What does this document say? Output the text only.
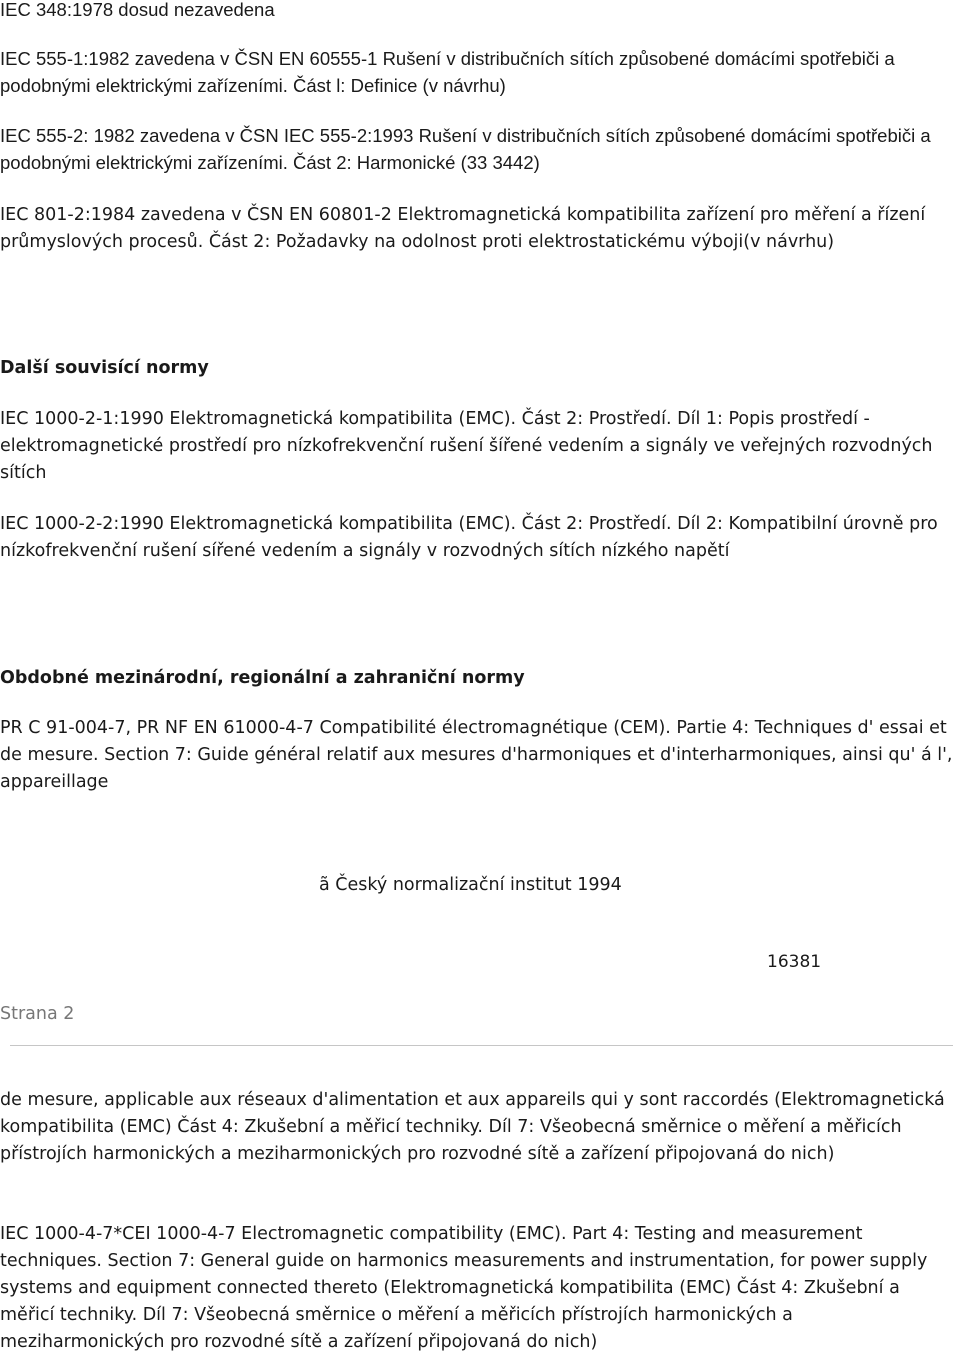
IEC 348:1978 dosud nezavedena

IEC 555-1:1982 zavedena v ČSN EN 60555-1 Rušení v distribučních sítích způsobené domácími spotřebiči a podobnými elektrickými zařízeními. Část l: Definice (v návrhu)

IEC 555-2: 1982 zavedena v ČSN IEC 555-2:1993 Rušení v distribučních sítích způsobené domácími spotřebiči a podobnými elektrickými zařízeními. Část 2: Harmonické (33 3442)

IEC 801-2:1984 zavedena v ČSN EN 60801-2 Elektromagnetická kompatibilita zařízení pro měření a řízení průmyslových procesů. Část 2: Požadavky na odolnost proti elektrostatickému výboji(v návrhu)

Další souvisící normy

IEC 1000-2-1:1990 Elektromagnetická kompatibilita (EMC). Část 2: Prostředí. Díl 1: Popis prostředí - elektromagnetické prostředí pro nízkofrekvenční rušení šířené vedením a signály ve veřejných rozvodných sítích

IEC 1000-2-2:1990 Elektromagnetická kompatibilita (EMC). Část 2: Prostředí. Díl 2: Kompatibilní úrovně pro nízkofrekvenční rušení sířené vedením a signály v rozvodných sítích nízkého napětí

Obdobné mezinárodní, regionální a zahraniční normy

PR C 91-004-7, PR NF EN 61000-4-7 Compatibilité électromagnétique (CEM). Partie 4: Techniques d' essai et de mesure. Section 7: Guide général relatif aux mesures d'harmoniques et d'interharmoniques, ainsi qu' á l', appareillage

ã Český normalizační institut 1994
16381
Strana 2

de mesure, applicable aux réseaux d'alimentation et aux appareils qui y sont raccordés (Elektromagnetická kompatibilita (EMC) Část 4: Zkušební a měřicí techniky. Díl 7: Všeobecná směrnice o měření a měřicích přístrojích harmonických a meziharmonických pro rozvodné sítě a zařízení připojovaná do nich)

IEC 1000-4-7*CEI 1000-4-7 Electromagnetic compatibility (EMC). Part 4: Testing and measurement techniques. Section 7: General guide on harmonics measurements and instrumentation, for power supply systems and equipment connected thereto (Elektromagnetická kompatibilita (EMC) Část 4: Zkušební a měřicí techniky. Díl 7: Všeobecná směrnice o měření a měřicích přístrojích harmonických a meziharmonických pro rozvodné sítě a zařízení připojovaná do nich)
